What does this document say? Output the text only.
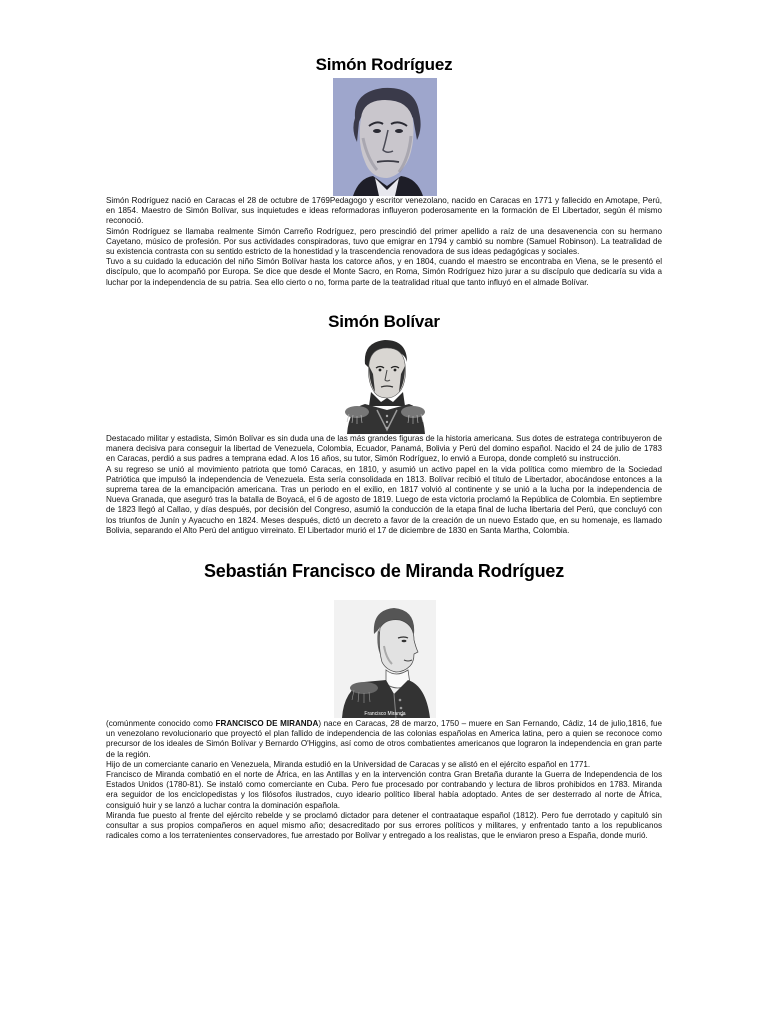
Simón Rodríguez

Simón Rodríguez nació en Caracas el 28 de octubre de 1769Pedagogo y escritor venezolano, nacido en Caracas en 1771 y fallecido en Amotape, Perú, en 1854. Maestro de Simón Bolívar, sus inquietudes e ideas reformadoras influyeron poderosamente en la formación de El Libertador, según él mismo reconoció.

Simón Rodríguez se llamaba realmente Simón Carreño Rodríguez, pero prescindió del primer apellido a raíz de una desavenencia con su hermano Cayetano, músico de profesión. Por sus actividades conspiradoras, tuvo que emigrar en 1794 y cambió su nombre (Samuel Robinson). La teatralidad de su existencia contrasta con su sentido estricto de la honestidad y la trascendencia renovadora de sus ideas pedagógicas y sociales.

Tuvo a su cuidado la educación del niño Simón Bolívar hasta los catorce años, y en 1804, cuando el maestro se encontraba en Viena, se le presentó el discípulo, que lo acompañó por Europa. Se dice que desde el Monte Sacro, en Roma, Simón Rodríguez hizo jurar a su discípulo que dedicaría su vida a luchar por la independencia de su patria. Sea ello cierto o no, forma parte de la teatralidad ritual que tanto influyó en el almade Bolívar.

Simón Bolívar

Destacado militar y estadista, Simón Bolívar es sin duda una de las más grandes figuras de la historia americana. Sus dotes de estratega contribuyeron de manera decisiva para conseguir la libertad de Venezuela, Colombia, Ecuador, Panamá, Bolivia y Perú del domino español. Nacido el 24 de julio de 1783 en Caracas, perdió a sus padres a temprana edad. A los 16 años, su tutor, Simón Rodríguez, lo envió a Europa, donde completó su instrucción.

A su regreso se unió al movimiento patriota que tomó Caracas, en 1810, y asumió un activo papel en la vida política como miembro de la Sociedad Patriótica que impulsó la independencia de Venezuela. Esta sería consolidada en 1813. Bolívar recibió el título de Libertador, abocándose entonces a la suprema tarea de la emancipación americana. Tras un periodo en el exilio, en 1817 volvió al continente y se unió a la lucha por la independencia de Nueva Granada, que aseguró tras la batalla de Boyacá, el 6 de agosto de 1819. Luego de esta victoria proclamó la República de Colombia. En septiembre de 1823 llegó al Callao, y días después, por decisión del Congreso, asumió la conducción de la etapa final de lucha libertaria del Perú, que concluyó con los triunfos de Junín y Ayacucho en 1824. Meses después, dictó un decreto a favor de la creación de un nuevo Estado que, en su homenaje, es llamado Bolivia, separando el Alto Perú del antiguo virreinato. El Libertador murió el 17 de diciembre de 1830 en Santa Martha, Colombia.

Sebastián Francisco de Miranda Rodríguez
Francisco Miranda

(comúnmente conocido como FRANCISCO DE MIRANDA) nace en Caracas, 28 de marzo, 1750 – muere en San Fernando, Cádiz, 14 de julio,1816, fue un venezolano revolucionario que proyectó el plan fallido de independencia de las colonias españolas en America latina, pero a quien se reconoce como precursor de los ideales de Simón Bolívar y Bernardo O'Higgins, así como de otros combatientes americanos que lograron la independencia en gran parte de la región.

Hijo de un comerciante canario en Venezuela, Miranda estudió en la Universidad de Caracas y se alistó en el ejército español en 1771.

Francisco de Miranda combatió en el norte de África, en las Antillas y en la intervención contra Gran Bretaña durante la Guerra de Independencia de los Estados Unidos (1780-81). Se instaló como comerciante en Cuba. Pero fue procesado por contrabando y lectura de libros prohibidos en 1783. Miranda era seguidor de los enciclopedistas y los filósofos ilustrados, cuyo ideario político liberal había adoptado. Antes de ser desterrado al norte de África, consiguió huir y se lanzó a luchar contra la dominación española.

Miranda fue puesto al frente del ejército rebelde y se proclamó dictador para detener el contraataque español (1812). Pero fue derrotado y capituló sin consultar a sus propios compañeros en aquel mismo año; desacreditado por sus errores políticos y militares, y enfrentado tanto a los republicanos radicales como a los terratenientes conservadores, fue arrestado por Bolívar y entregado a los realistas, que le enviaron preso a España, donde murió.
